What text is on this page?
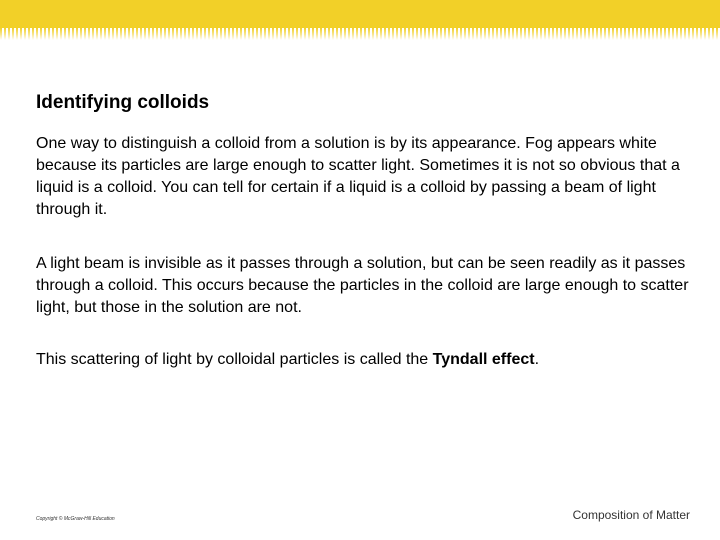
Identifying colloids

One way to distinguish a colloid from a solution is by its appearance. Fog appears white because its particles are large enough to scatter light. Sometimes it is not so obvious that a liquid is a colloid. You can tell for certain if a liquid is a colloid by passing a beam of light through it.

A light beam is invisible as it passes through a solution, but can be seen readily as it passes through a colloid. This occurs because the particles in the colloid are large enough to scatter light, but those in the solution are not.

This scattering of light by colloidal particles is called the Tyndall effect.

Copyright © McGraw-Hill Education	Composition of Matter
